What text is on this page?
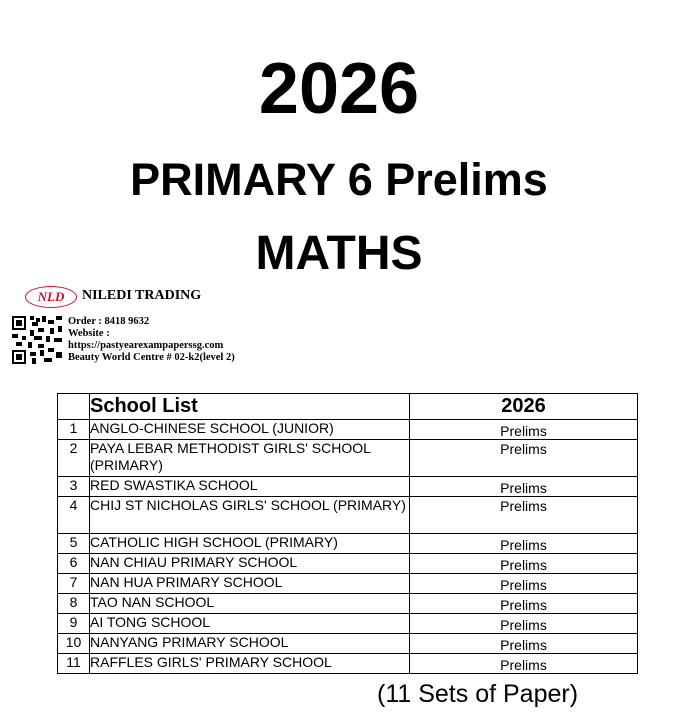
2026
PRIMARY 6 Prelims
MATHS
NLD	NILEDI TRADING
Order : 8418 9632
Website :
https://pastyearexampaperssg.com
Beauty World Centre # 02-k2(level 2)
	School List	2026
1	ANGLO-CHINESE SCHOOL (JUNIOR)	Prelims
2	PAYA LEBAR METHODIST GIRLS' SCHOOL (PRIMARY)	Prelims
3	RED SWASTIKA SCHOOL	Prelims
4	CHIJ ST NICHOLAS GIRLS' SCHOOL (PRIMARY)	Prelims
5	CATHOLIC HIGH SCHOOL (PRIMARY)	Prelims
6	NAN CHIAU PRIMARY SCHOOL	Prelims
7	NAN HUA PRIMARY SCHOOL	Prelims
8	TAO NAN SCHOOL	Prelims
9	AI TONG SCHOOL	Prelims
10	NANYANG PRIMARY SCHOOL	Prelims
11	RAFFLES GIRLS' PRIMARY SCHOOL	Prelims
(11 Sets of Paper)
